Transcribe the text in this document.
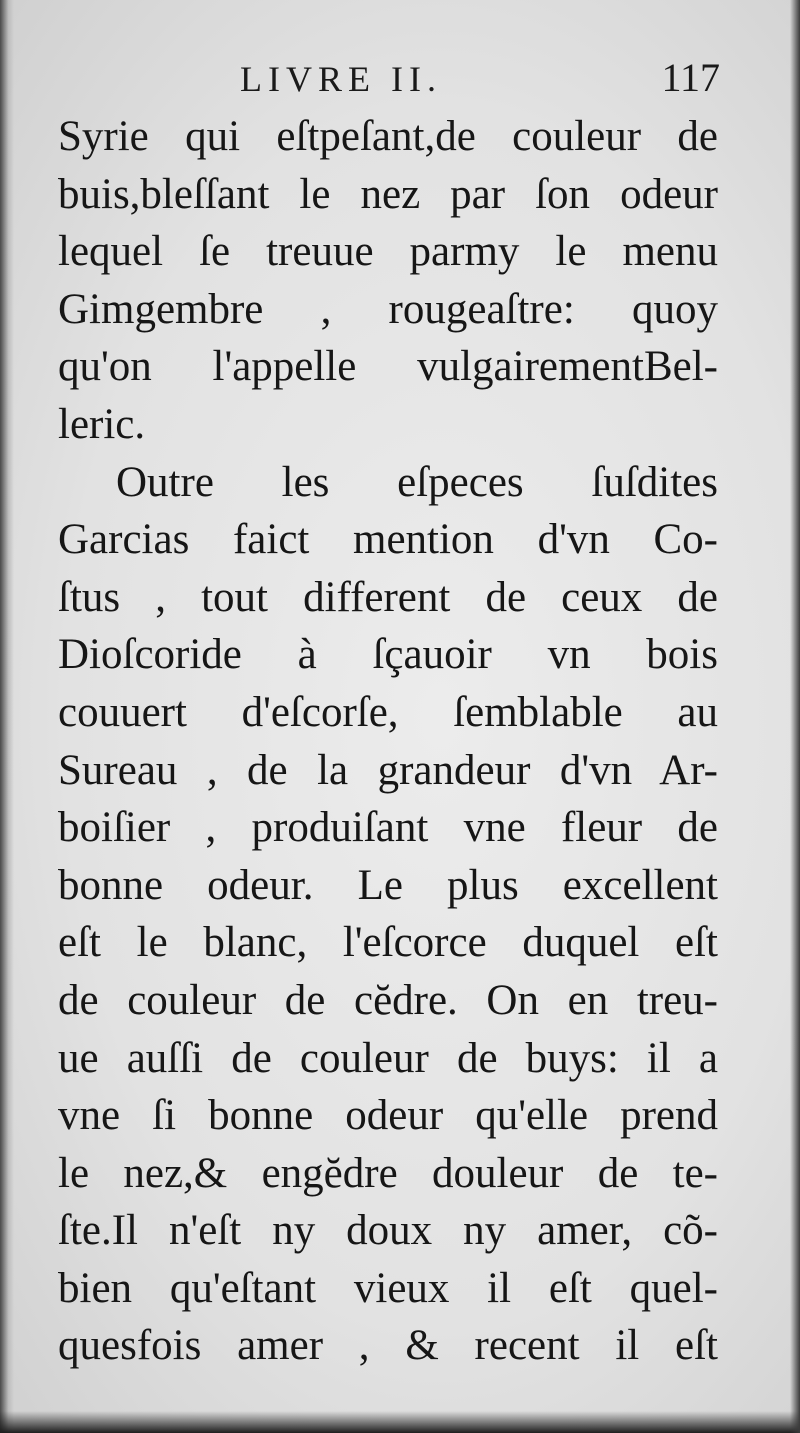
LIVRE II.	117
Syrie qui eſtpeſant,de couleur de
buis,bleſſant le nez par ſon odeur
lequel ſe treuue parmy le menu
Gimgembre , rougeaſtre: quoy
qu'on l'appelle vulgairementBel-
leric.
Outre les eſpeces ſuſdites
Garcias faict mention d'vn Co-
ſtus , tout different de ceux de
Dioſcoride à ſçauoir vn bois
couuert d'eſcorſe, ſemblable au
Sureau , de la grandeur d'vn Ar-
boiſier , produiſant vne fleur de
bonne odeur. Le plus excellent
eſt le blanc, l'eſcorce duquel eſt
de couleur de cĕdre. On en treu-
ue auſſi de couleur de buys: il a
vne ſi bonne odeur qu'elle prend
le nez,& engĕdre douleur de te-
ſte.Il n'eſt ny doux ny amer, cõ-
bien qu'eſtant vieux il eſt quel-
quesfois amer , & recent il eſt
